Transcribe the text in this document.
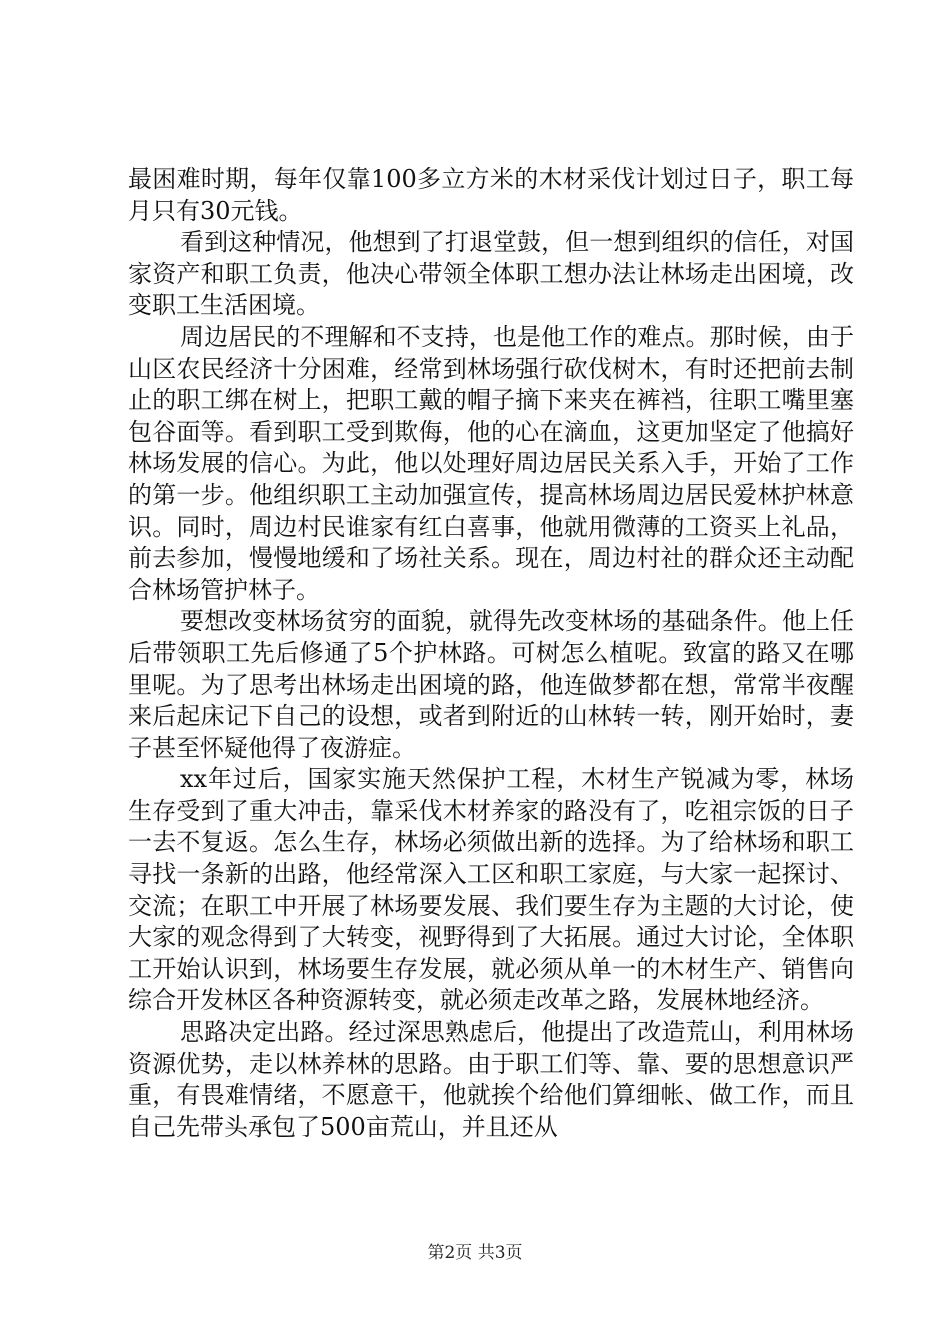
最困难时期，每年仅靠100多立方米的木材采伐计划过日子，职工每月只有30元钱。

看到这种情况，他想到了打退堂鼓，但一想到组织的信任，对国家资产和职工负责，他决心带领全体职工想办法让林场走出困境，改变职工生活困境。

周边居民的不理解和不支持，也是他工作的难点。那时候，由于山区农民经济十分困难，经常到林场强行砍伐树木，有时还把前去制止的职工绑在树上，把职工戴的帽子摘下来夹在裤裆，往职工嘴里塞包谷面等。看到职工受到欺侮，他的心在滴血，这更加坚定了他搞好林场发展的信心。为此，他以处理好周边居民关系入手，开始了工作的第一步。他组织职工主动加强宣传，提高林场周边居民爱林护林意识。同时，周边村民谁家有红白喜事，他就用微薄的工资买上礼品，前去参加，慢慢地缓和了场社关系。现在，周边村社的群众还主动配合林场管护林子。

要想改变林场贫穷的面貌，就得先改变林场的基础条件。他上任后带领职工先后修通了5个护林路。可树怎么植呢。致富的路又在哪里呢。为了思考出林场走出困境的路，他连做梦都在想，常常半夜醒来后起床记下自己的设想，或者到附近的山林转一转，刚开始时，妻子甚至怀疑他得了夜游症。

xx年过后，国家实施天然保护工程，木材生产锐减为零，林场生存受到了重大冲击，靠采伐木材养家的路没有了，吃祖宗饭的日子一去不复返。怎么生存，林场必须做出新的选择。为了给林场和职工寻找一条新的出路，他经常深入工区和职工家庭，与大家一起探讨、交流；在职工中开展了林场要发展、我们要生存为主题的大讨论，使大家的观念得到了大转变，视野得到了大拓展。通过大讨论，全体职工开始认识到，林场要生存发展，就必须从单一的木材生产、销售向综合开发林区各种资源转变，就必须走改革之路，发展林地经济。

思路决定出路。经过深思熟虑后，他提出了改造荒山，利用林场资源优势，走以林养林的思路。由于职工们等、靠、要的思想意识严重，有畏难情绪，不愿意干，他就挨个给他们算细帐、做工作，而且自己先带头承包了500亩荒山，并且还从

第2页 共3页
